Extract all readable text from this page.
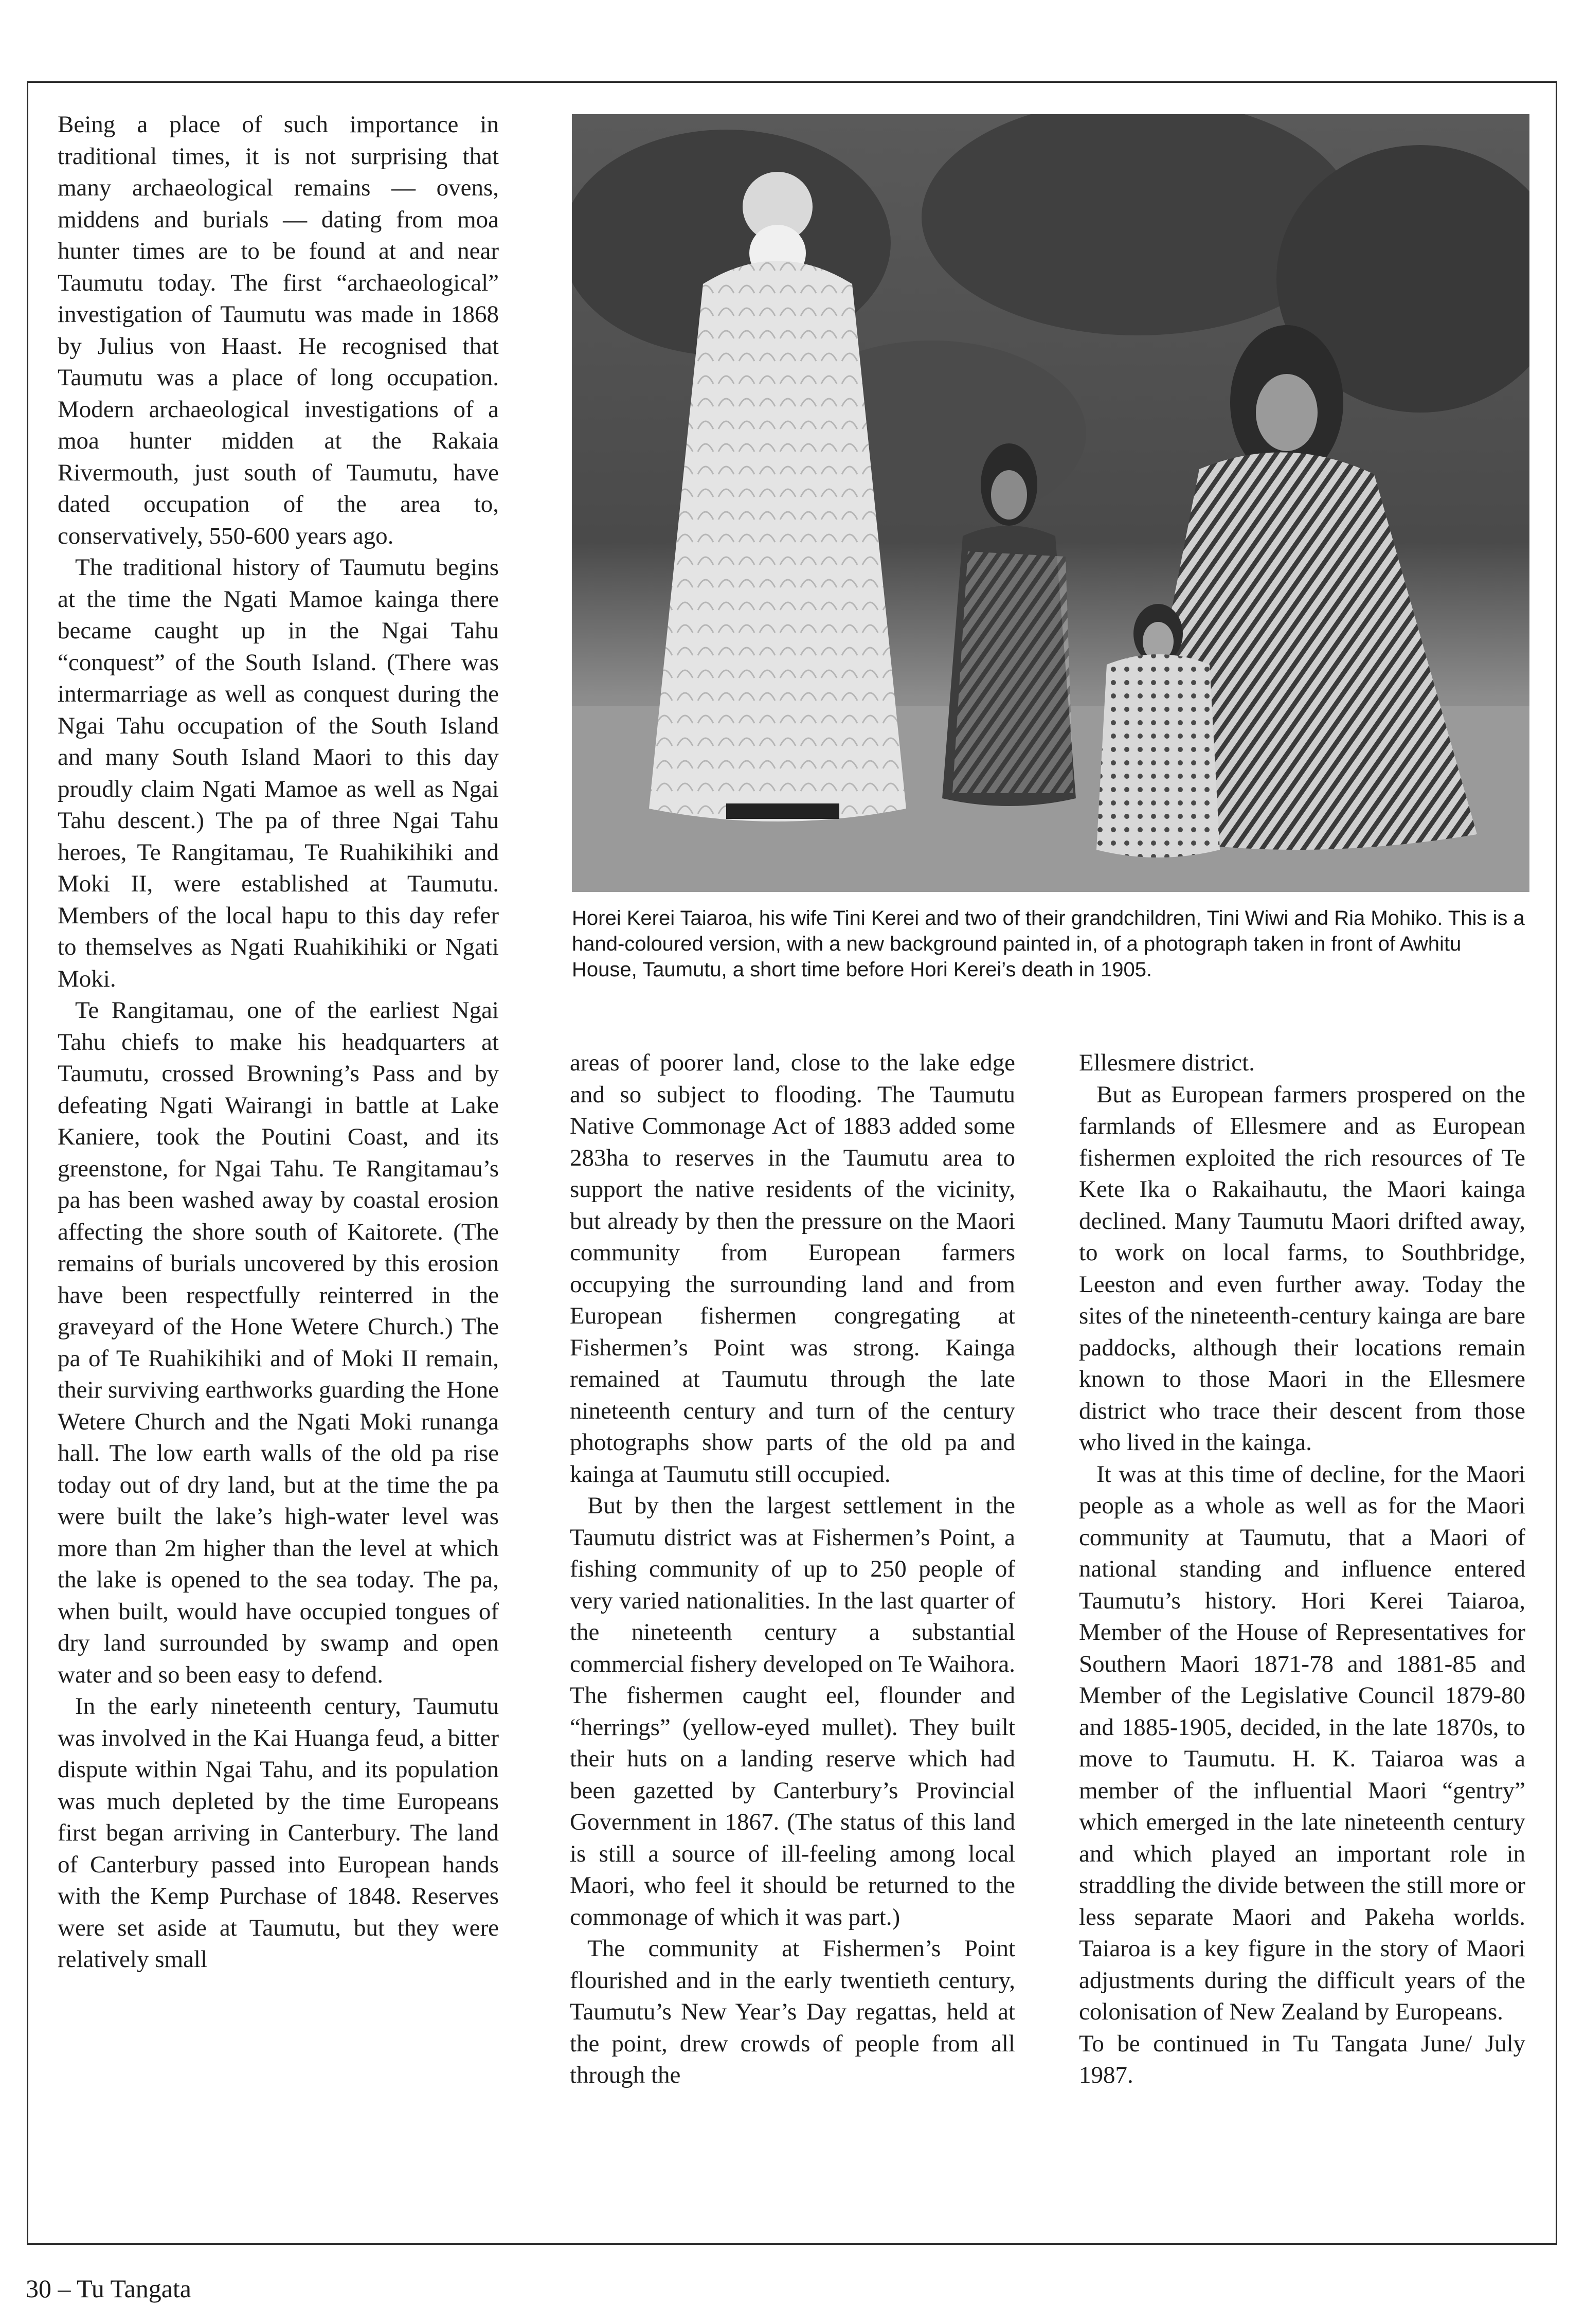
Being a place of such importance in traditional times, it is not surprising that many archaeological remains — ovens, middens and burials — dating from moa hunter times are to be found at and near Taumutu today. The first “archaeological” investigation of Taumutu was made in 1868 by Julius von Haast. He recognised that Taumutu was a place of long occupation. Modern archaeological investigations of a moa hunter midden at the Rakaia Rivermouth, just south of Taumutu, have dated occupation of the area to, conservatively, 550-600 years ago.

The traditional history of Taumutu begins at the time the Ngati Mamoe kainga there became caught up in the Ngai Tahu “conquest” of the South Island. (There was intermarriage as well as conquest during the Ngai Tahu occupation of the South Island and many South Island Maori to this day proudly claim Ngati Mamoe as well as Ngai Tahu descent.) The pa of three Ngai Tahu heroes, Te Rangitamau, Te Ruahikihiki and Moki II, were established at Taumutu. Members of the local hapu to this day refer to themselves as Ngati Ruahikihiki or Ngati Moki.

Te Rangitamau, one of the earliest Ngai Tahu chiefs to make his headquarters at Taumutu, crossed Browning’s Pass and by defeating Ngati Wairangi in battle at Lake Kaniere, took the Poutini Coast, and its greenstone, for Ngai Tahu. Te Rangitamau’s pa has been washed away by coastal erosion affecting the shore south of Kaitorete. (The remains of burials uncovered by this erosion have been respectfully reinterred in the graveyard of the Hone Wetere Church.) The pa of Te Ruahikihiki and of Moki II remain, their surviving earthworks guarding the Hone Wetere Church and the Ngati Moki runanga hall. The low earth walls of the old pa rise today out of dry land, but at the time the pa were built the lake’s high-water level was more than 2m higher than the level at which the lake is opened to the sea today. The pa, when built, would have occupied tongues of dry land surrounded by swamp and open water and so been easy to defend.

In the early nineteenth century, Taumutu was involved in the Kai Huanga feud, a bitter dispute within Ngai Tahu, and its population was much depleted by the time Europeans first began arriving in Canterbury. The land of Canterbury passed into European hands with the Kemp Purchase of 1848. Reserves were set aside at Taumutu, but they were relatively small

Horei Kerei Taiaroa, his wife Tini Kerei and two of their grandchildren, Tini Wiwi and Ria Mohiko. This is a hand-coloured version, with a new background painted in, of a photograph taken in front of Awhitu House, Taumutu, a short time before Hori Kerei’s death in 1905.

areas of poorer land, close to the lake edge and so subject to flooding. The Taumutu Native Commonage Act of 1883 added some 283ha to reserves in the Taumutu area to support the native residents of the vicinity, but already by then the pressure on the Maori community from European farmers occupying the surrounding land and from European fishermen congregating at Fishermen’s Point was strong. Kainga remained at Taumutu through the late nineteenth century and turn of the century photographs show parts of the old pa and kainga at Taumutu still occupied.

But by then the largest settlement in the Taumutu district was at Fishermen’s Point, a fishing community of up to 250 people of very varied nationalities. In the last quarter of the nineteenth century a substantial commercial fishery developed on Te Waihora. The fishermen caught eel, flounder and “herrings” (yellow-eyed mullet). They built their huts on a landing reserve which had been gazetted by Canterbury’s Provincial Government in 1867. (The status of this land is still a source of ill-feeling among local Maori, who feel it should be returned to the commonage of which it was part.)

The community at Fishermen’s Point flourished and in the early twentieth century, Taumutu’s New Year’s Day regattas, held at the point, drew crowds of people from all through the

Ellesmere district.

But as European farmers prospered on the farmlands of Ellesmere and as European fishermen exploited the rich resources of Te Kete Ika o Rakaihautu, the Maori kainga declined. Many Taumutu Maori drifted away, to work on local farms, to Southbridge, Leeston and even further away. Today the sites of the nineteenth-century kainga are bare paddocks, although their locations remain known to those Maori in the Ellesmere district who trace their descent from those who lived in the kainga.

It was at this time of decline, for the Maori people as a whole as well as for the Maori community at Taumutu, that a Maori of national standing and influence entered Taumutu’s history. Hori Kerei Taiaroa, Member of the House of Representatives for Southern Maori 1871-78 and 1881-85 and Member of the Legislative Council 1879-80 and 1885-1905, decided, in the late 1870s, to move to Taumutu. H. K. Taiaroa was a member of the influential Maori “gentry” which emerged in the late nineteenth century and which played an important role in straddling the divide between the still more or less separate Maori and Pakeha worlds. Taiaroa is a key figure in the story of Maori adjustments during the difficult years of the colonisation of New Zealand by Europeans.

To be continued in Tu Tangata June/ July 1987.

30 – Tu Tangata
